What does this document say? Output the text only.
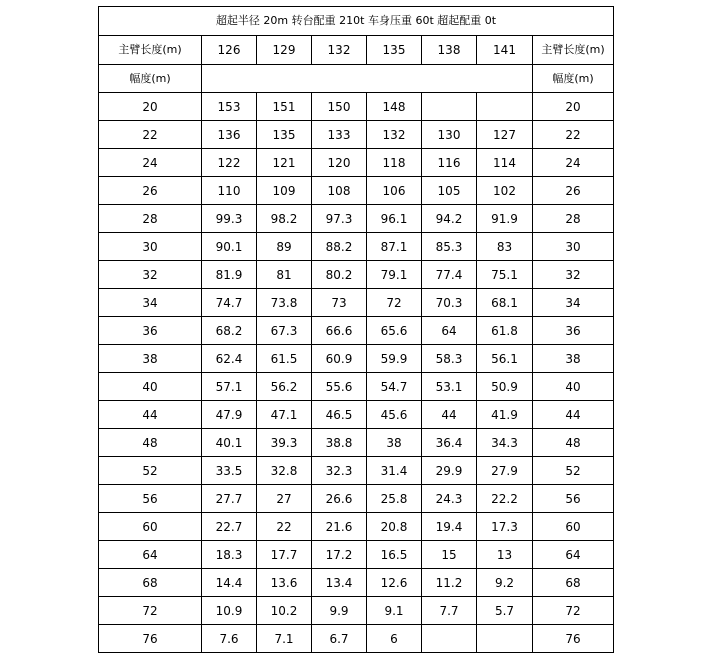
超起半径 20m 转台配重 210t 车身压重 60t 超起配重 0t							
主臂长度(m)	126	129	132	135	138	141	主臂长度(m)
幅度(m)							幅度(m)
20	153	151	150	148			20
22	136	135	133	132	130	127	22
24	122	121	120	118	116	114	24
26	110	109	108	106	105	102	26
28	99.3	98.2	97.3	96.1	94.2	91.9	28
30	90.1	89	88.2	87.1	85.3	83	30
32	81.9	81	80.2	79.1	77.4	75.1	32
34	74.7	73.8	73	72	70.3	68.1	34
36	68.2	67.3	66.6	65.6	64	61.8	36
38	62.4	61.5	60.9	59.9	58.3	56.1	38
40	57.1	56.2	55.6	54.7	53.1	50.9	40
44	47.9	47.1	46.5	45.6	44	41.9	44
48	40.1	39.3	38.8	38	36.4	34.3	48
52	33.5	32.8	32.3	31.4	29.9	27.9	52
56	27.7	27	26.6	25.8	24.3	22.2	56
60	22.7	22	21.6	20.8	19.4	17.3	60
64	18.3	17.7	17.2	16.5	15	13	64
68	14.4	13.6	13.4	12.6	11.2	9.2	68
72	10.9	10.2	9.9	9.1	7.7	5.7	72
76	7.6	7.1	6.7	6			76
